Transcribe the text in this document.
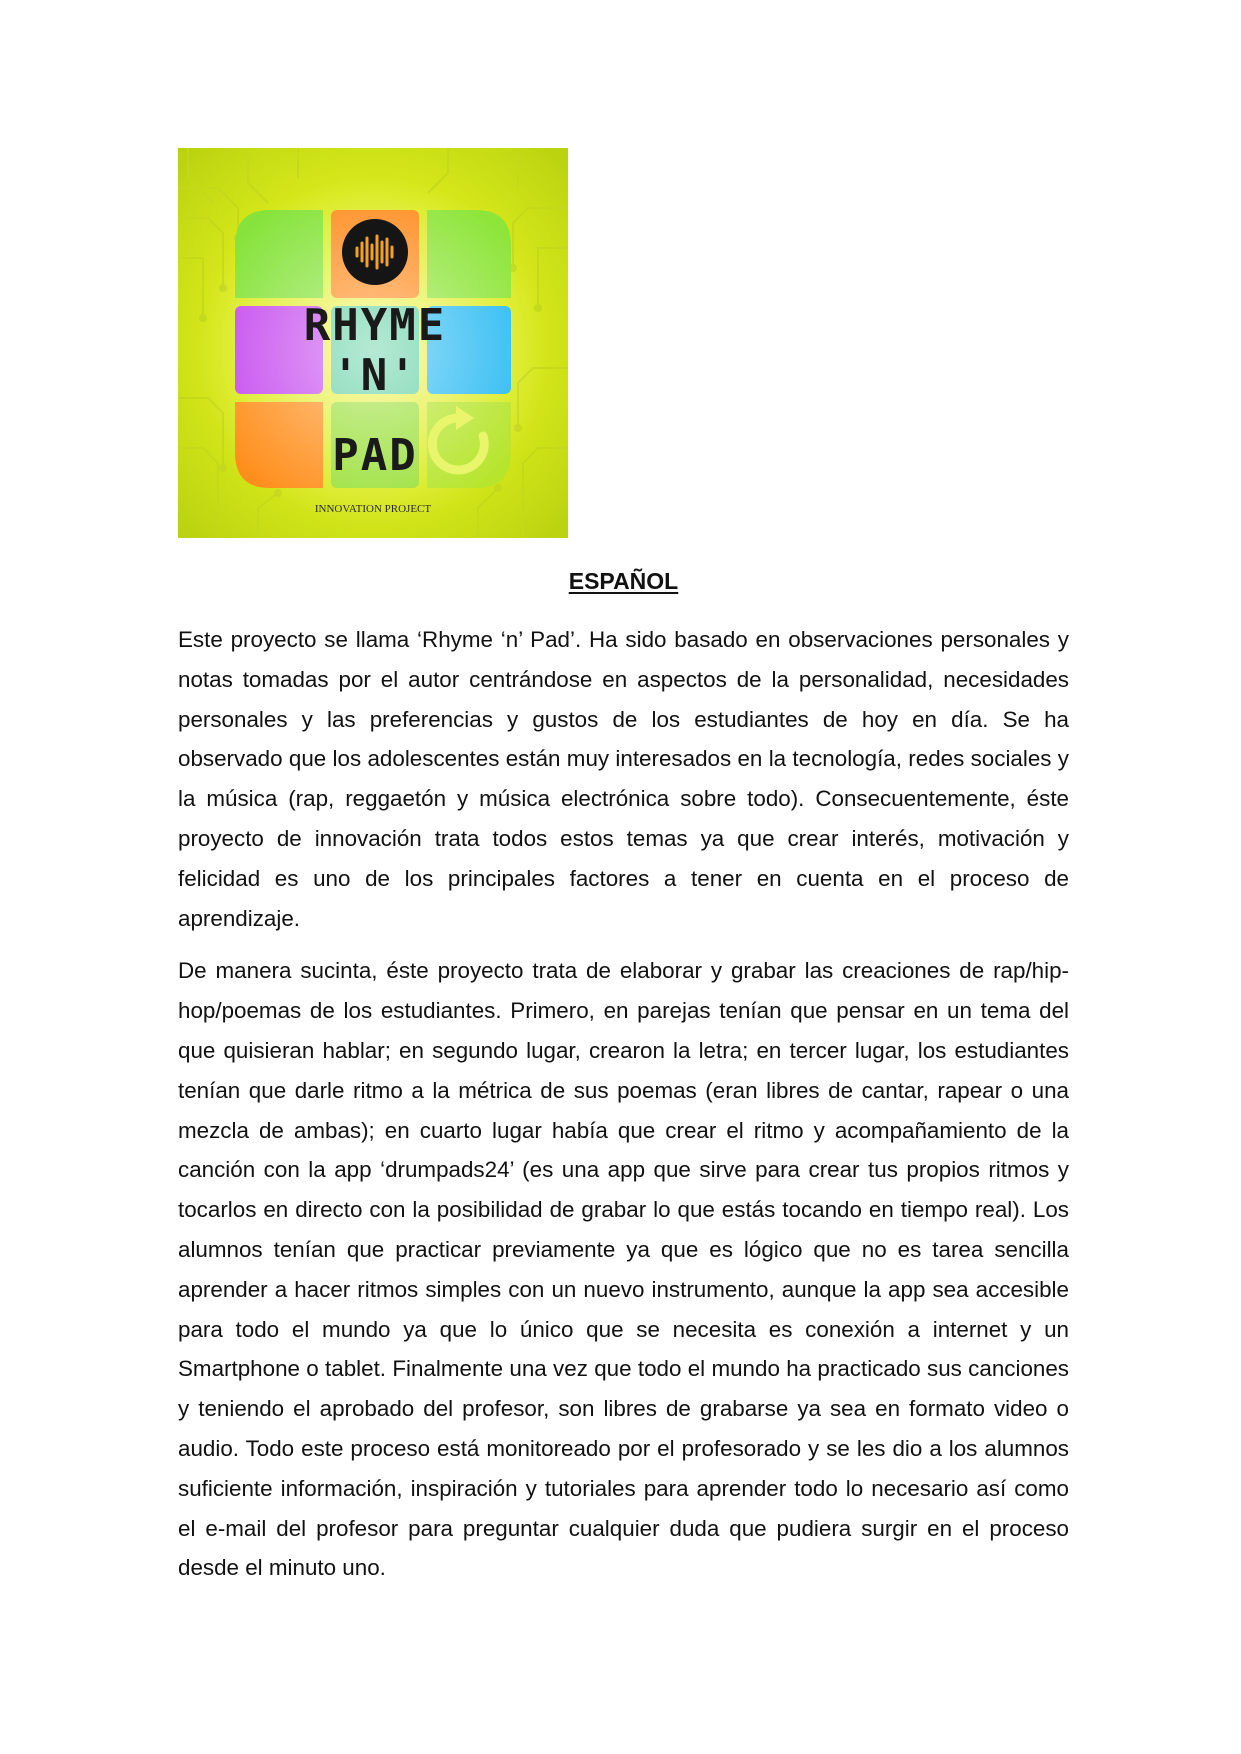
RHYME
'N'
PAD
INNOVATION PROJECT
ESPAÑOL

Este proyecto se llama ‘Rhyme ‘n’ Pad’. Ha sido basado en observaciones personales y notas tomadas por el autor centrándose en aspectos de la personalidad, necesidades personales y las preferencias y gustos de los estudiantes de hoy en día. Se ha observado que los adolescentes están muy interesados en la tecnología, redes sociales y la música (rap, reggaetón y música electrónica sobre todo). Consecuentemente, éste proyecto de innovación trata todos estos temas ya que crear interés, motivación y felicidad es uno de los principales factores a tener en cuenta en el proceso de aprendizaje.

De manera sucinta, éste proyecto trata de elaborar y grabar las creaciones de rap/hip-hop/poemas de los estudiantes. Primero, en parejas tenían que pensar en un tema del que quisieran hablar; en segundo lugar, crearon la letra; en tercer lugar, los estudiantes tenían que darle ritmo a la métrica de sus poemas (eran libres de cantar, rapear o una mezcla de ambas); en cuarto lugar había que crear el ritmo y acompañamiento de la canción con la app ‘drumpads24’ (es una app que sirve para crear tus propios ritmos y tocarlos en directo con la posibilidad de grabar lo que estás tocando en tiempo real). Los alumnos tenían que practicar previamente ya que es lógico que no es tarea sencilla aprender a hacer ritmos simples con un nuevo instrumento, aunque la app sea accesible para todo el mundo ya que lo único que se necesita es conexión a internet y un Smartphone o tablet. Finalmente una vez que todo el mundo ha practicado sus canciones y teniendo el aprobado del profesor, son libres de grabarse ya sea en formato video o audio. Todo este proceso está monitoreado por el profesorado y se les dio a los alumnos suficiente información, inspiración y tutoriales para aprender todo lo necesario así como el e-mail del profesor para preguntar cualquier duda que pudiera surgir en el proceso desde el minuto uno.
